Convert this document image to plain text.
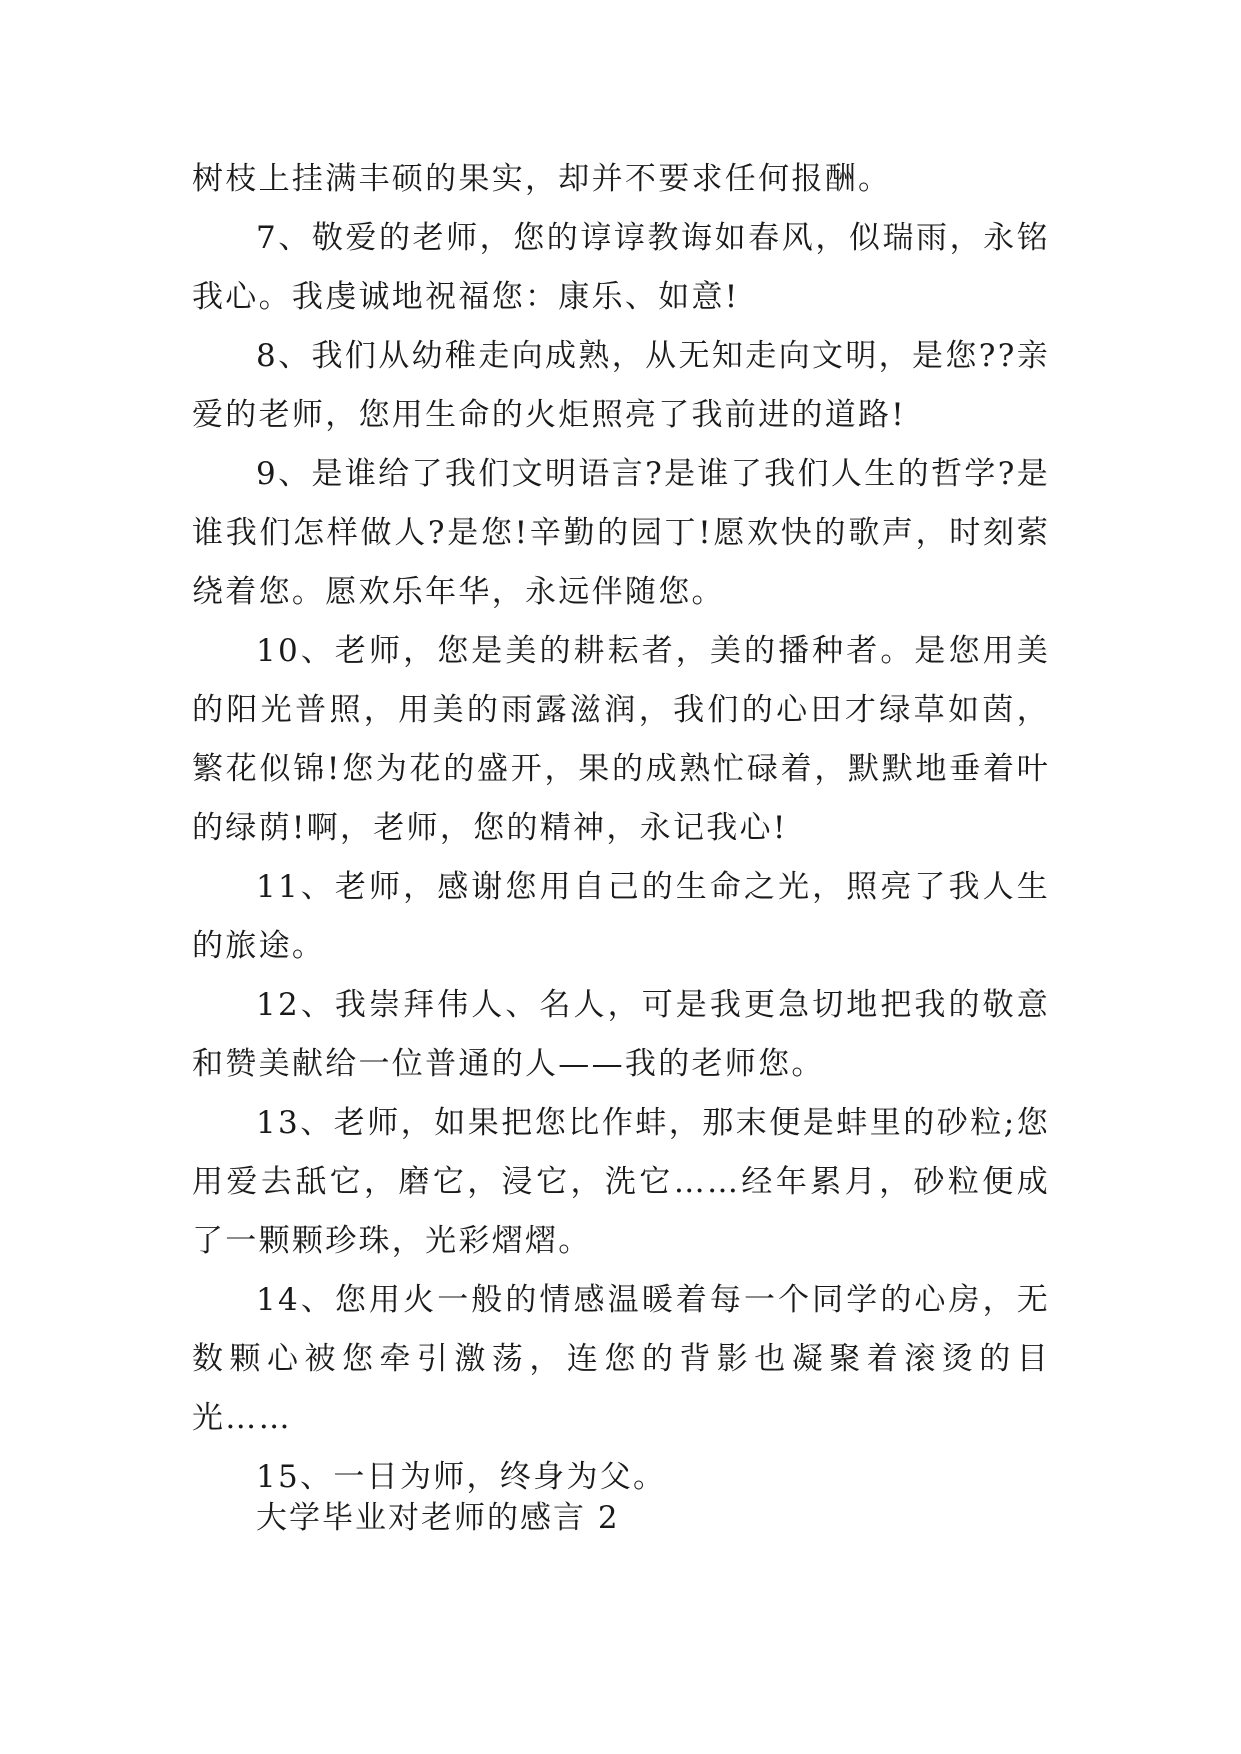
树枝上挂满丰硕的果实，却并不要求任何报酬。

7、敬爱的老师，您的谆谆教诲如春风，似瑞雨，永铭我心。我虔诚地祝福您：康乐、如意!

8、我们从幼稚走向成熟，从无知走向文明，是您??亲爱的老师，您用生命的火炬照亮了我前进的道路!

9、是谁给了我们文明语言?是谁了我们人生的哲学?是谁我们怎样做人?是您!辛勤的园丁!愿欢快的歌声，时刻萦绕着您。愿欢乐年华，永远伴随您。

10、老师，您是美的耕耘者，美的播种者。是您用美的阳光普照，用美的雨露滋润，我们的心田才绿草如茵，繁花似锦!您为花的盛开，果的成熟忙碌着，默默地垂着叶的绿荫!啊，老师，您的精神，永记我心!

11、老师，感谢您用自己的生命之光，照亮了我人生的旅途。

12、我崇拜伟人、名人，可是我更急切地把我的敬意和赞美献给一位普通的人——我的老师您。

13、老师，如果把您比作蚌，那末便是蚌里的砂粒;您用爱去舐它，磨它，浸它，洗它……经年累月，砂粒便成了一颗颗珍珠，光彩熠熠。

14、您用火一般的情感温暖着每一个同学的心房，无数颗心被您牵引激荡，连您的背影也凝聚着滚烫的目光……

15、一日为师，终身为父。

大学毕业对老师的感言 2
